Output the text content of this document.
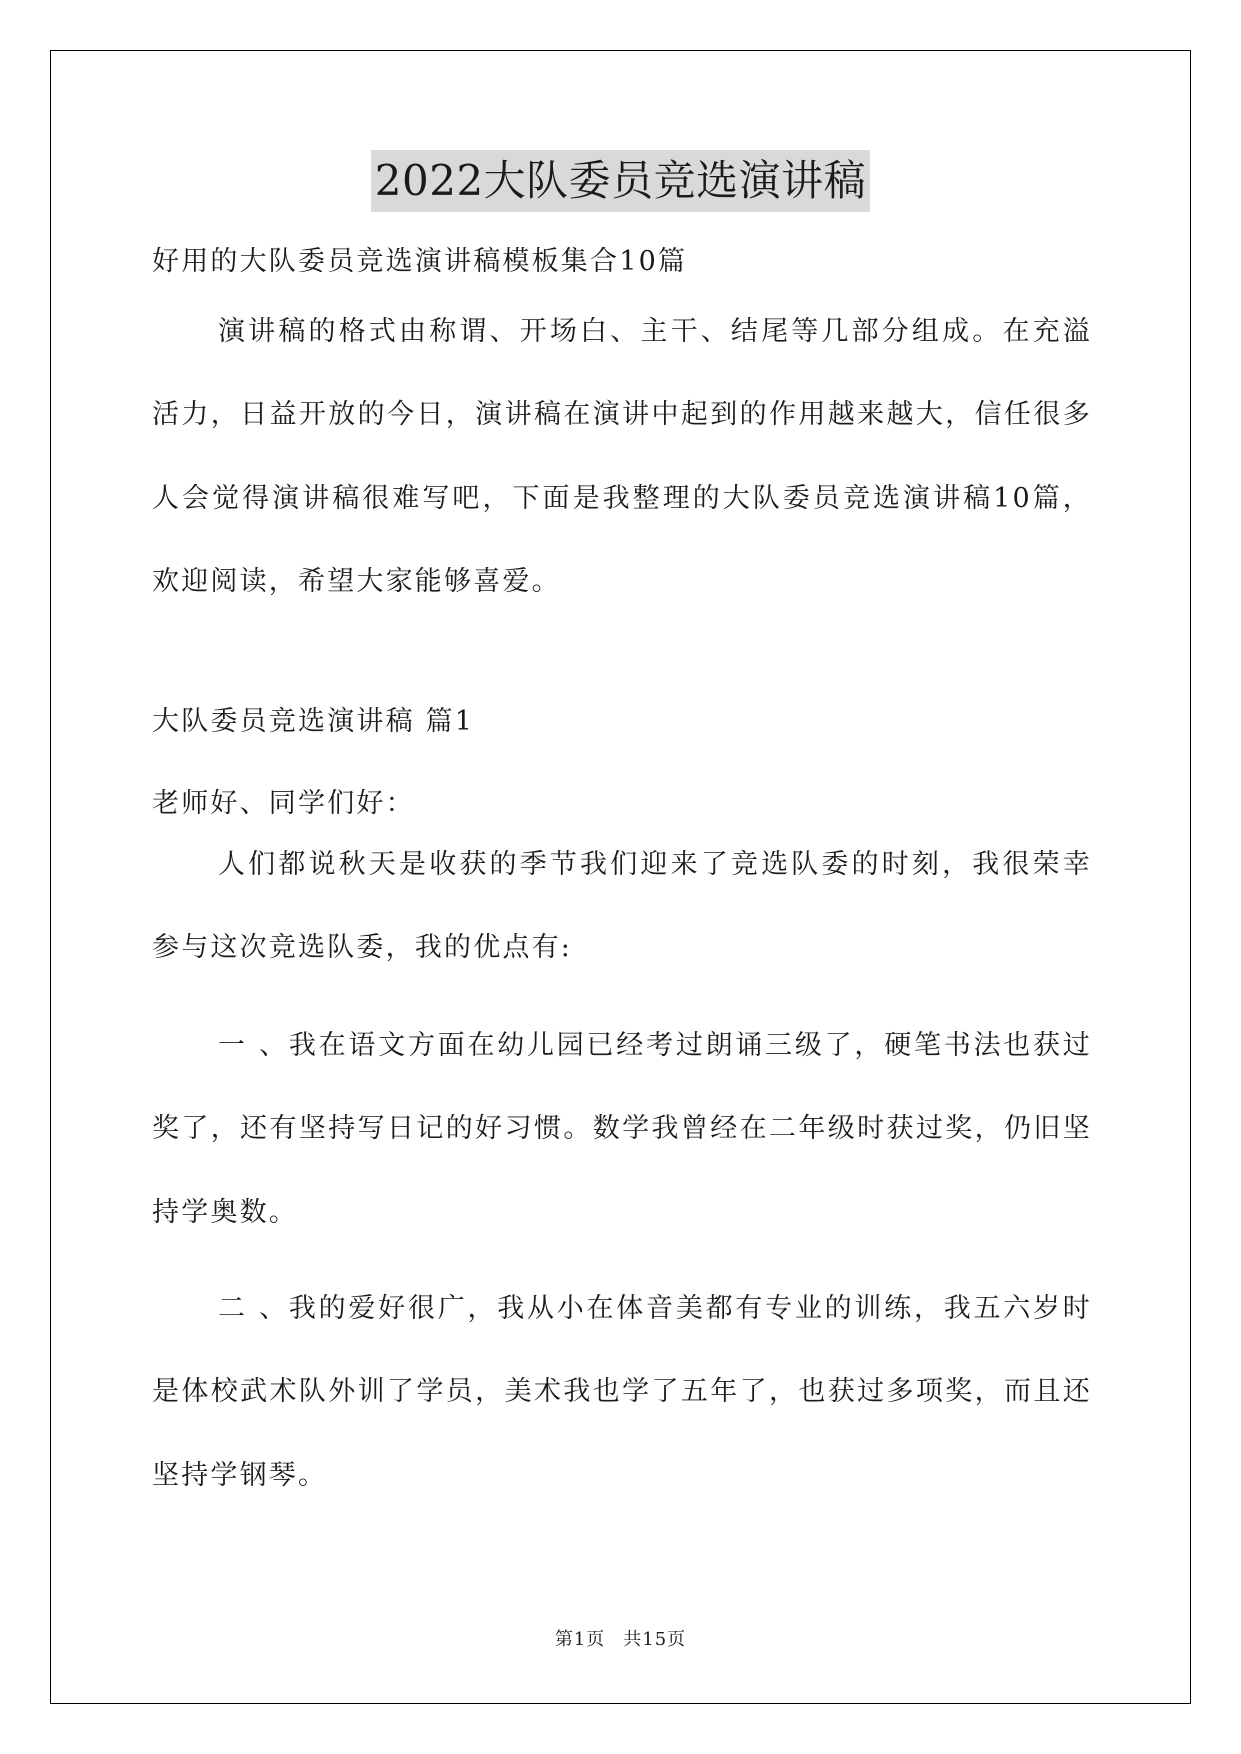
2022大队委员竞选演讲稿

好用的大队委员竞选演讲稿模板集合10篇

演讲稿的格式由称谓、开场白、主干、结尾等几部分组成。在充溢活力，日益开放的今日，演讲稿在演讲中起到的作用越来越大，信任很多人会觉得演讲稿很难写吧，下面是我整理的大队委员竞选演讲稿10篇，欢迎阅读，希望大家能够喜爱。

大队委员竞选演讲稿 篇1

老师好、同学们好：

人们都说秋天是收获的季节我们迎来了竞选队委的时刻，我很荣幸参与这次竞选队委，我的优点有:

一 、我在语文方面在幼儿园已经考过朗诵三级了，硬笔书法也获过奖了，还有坚持写日记的好习惯。数学我曾经在二年级时获过奖，仍旧坚持学奥数。

二 、我的爱好很广，我从小在体音美都有专业的训练，我五六岁时是体校武术队外训了学员，美术我也学了五年了，也获过多项奖，而且还坚持学钢琴。

第1页 共15页
